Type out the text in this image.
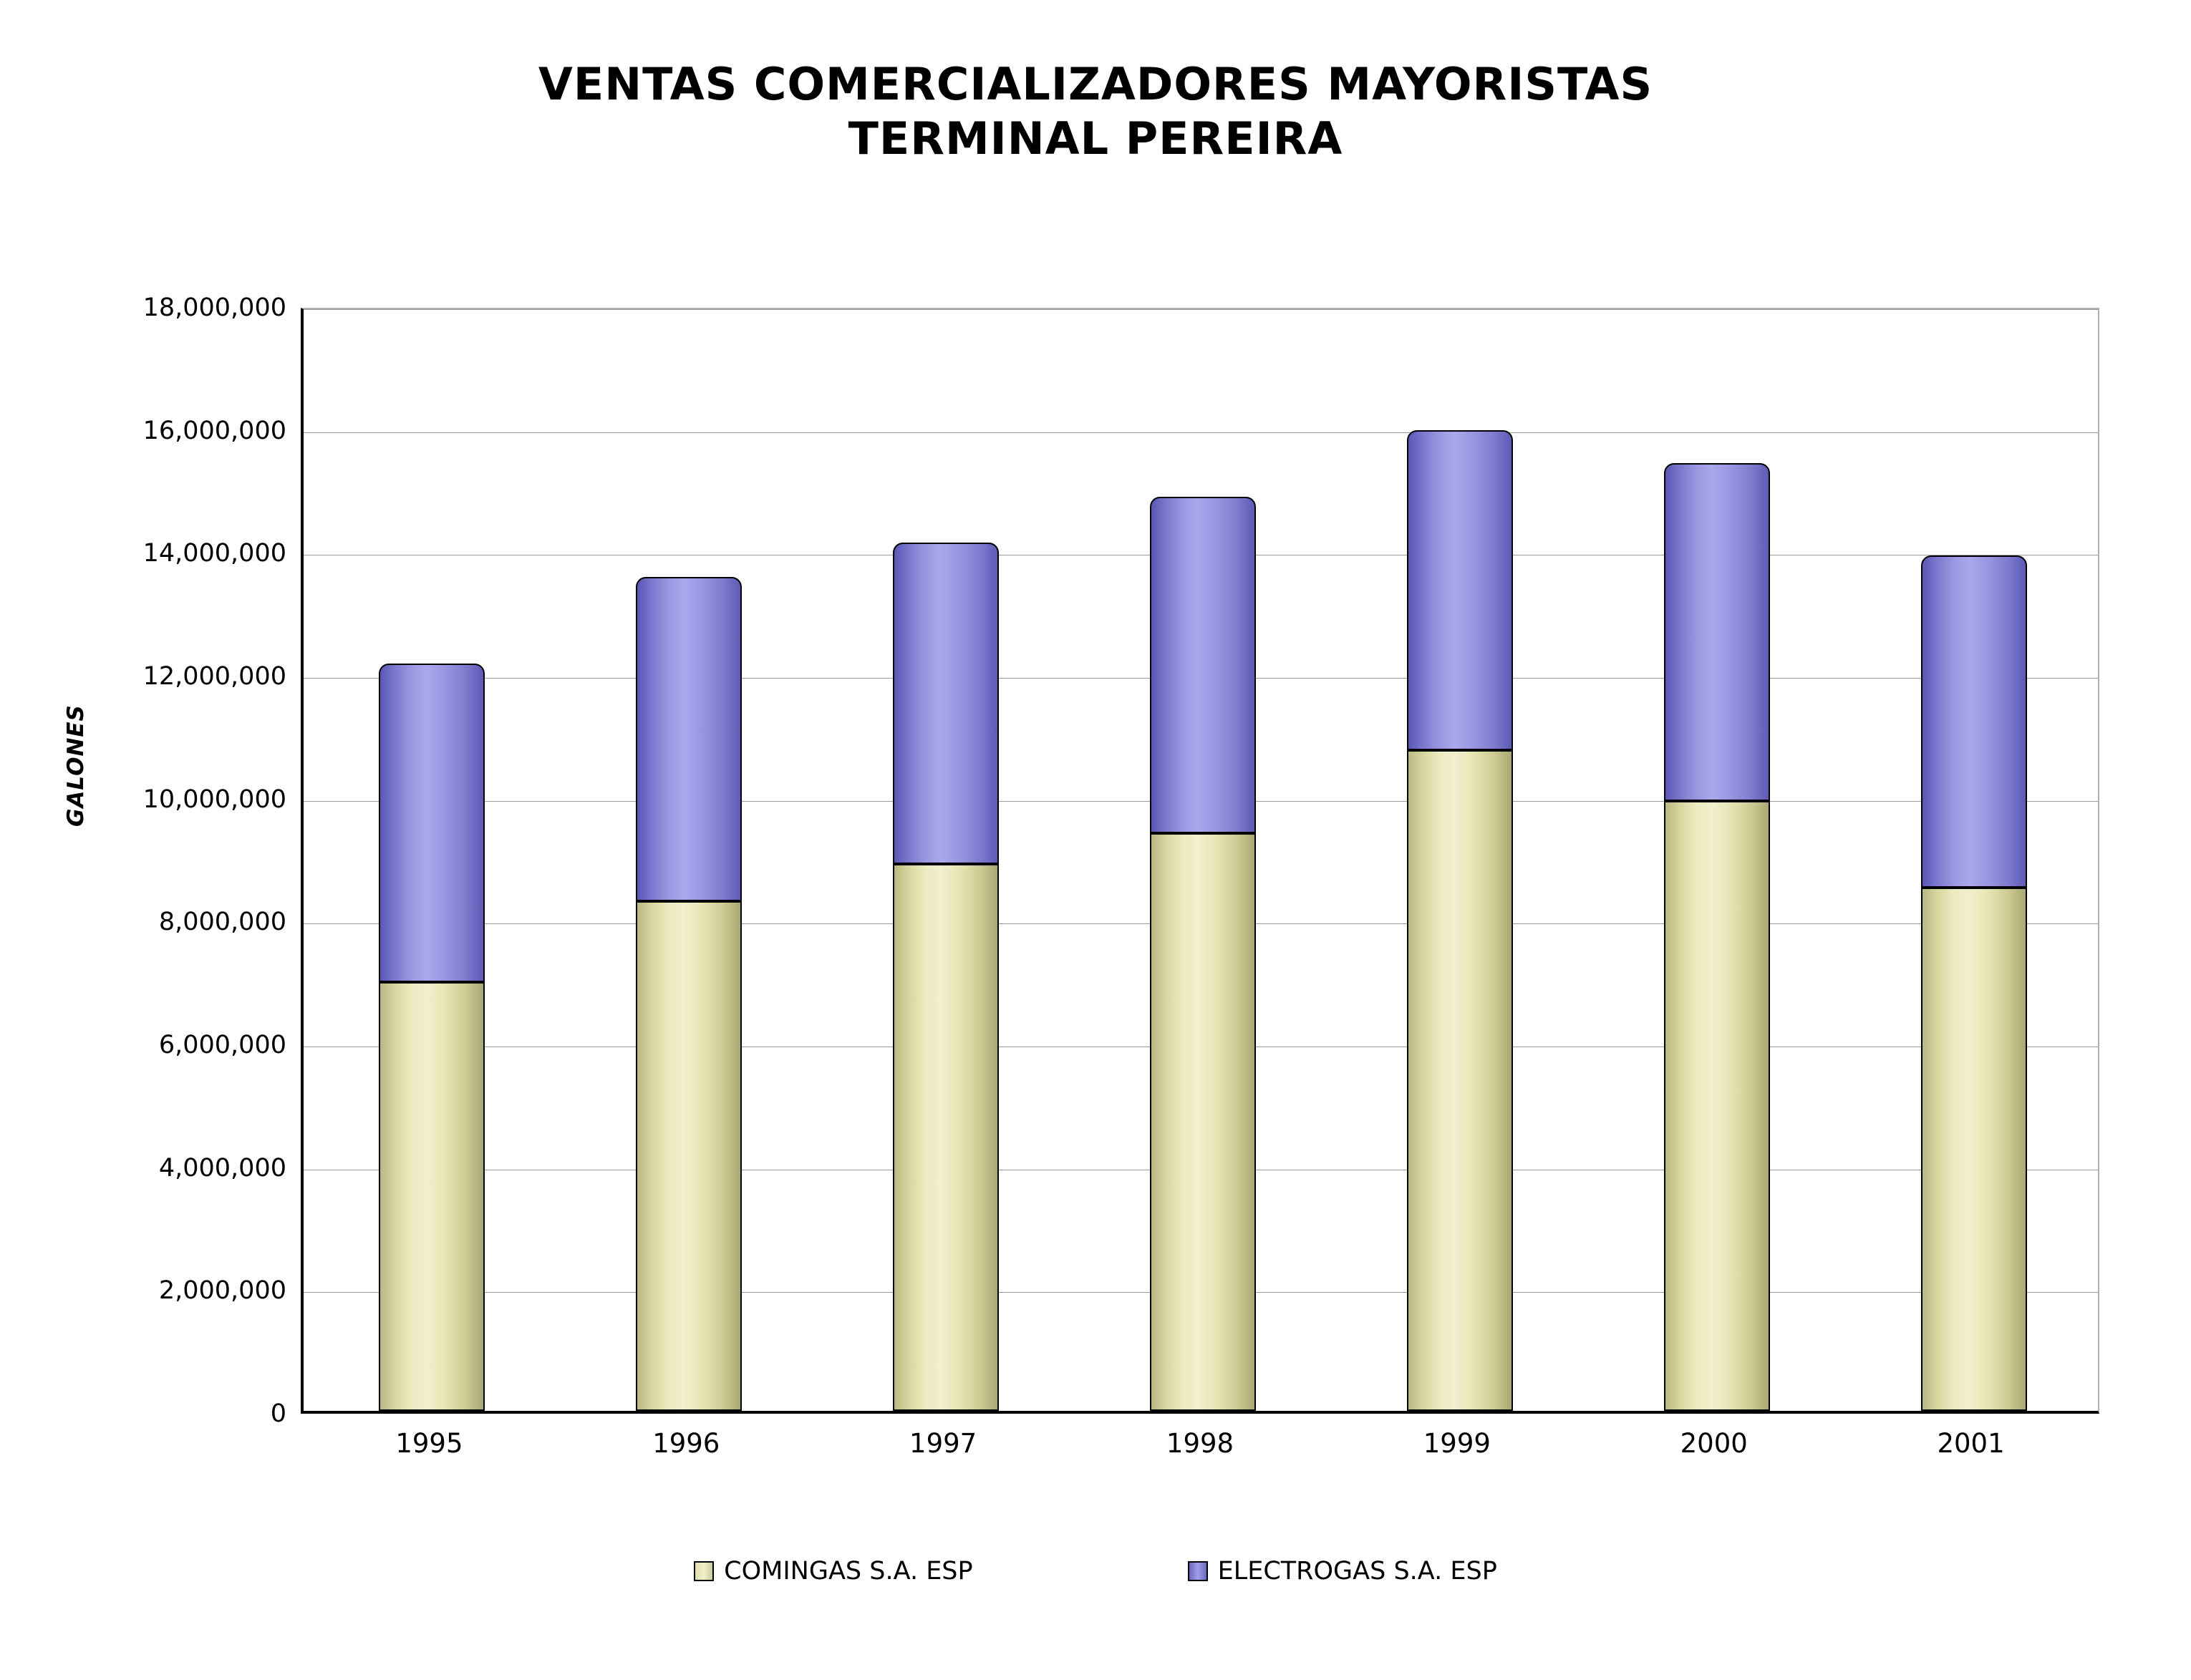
VENTAS COMERCIALIZADORES MAYORISTAS
TERMINAL PEREIRA
GALONES
0
2,000,000
4,000,000
6,000,000
8,000,000
10,000,000
12,000,000
14,000,000
16,000,000
18,000,000
1995	1996	1997	1998	1999	2000	2001
COMINGAS S.A. ESP	ELECTROGAS S.A. ESP
